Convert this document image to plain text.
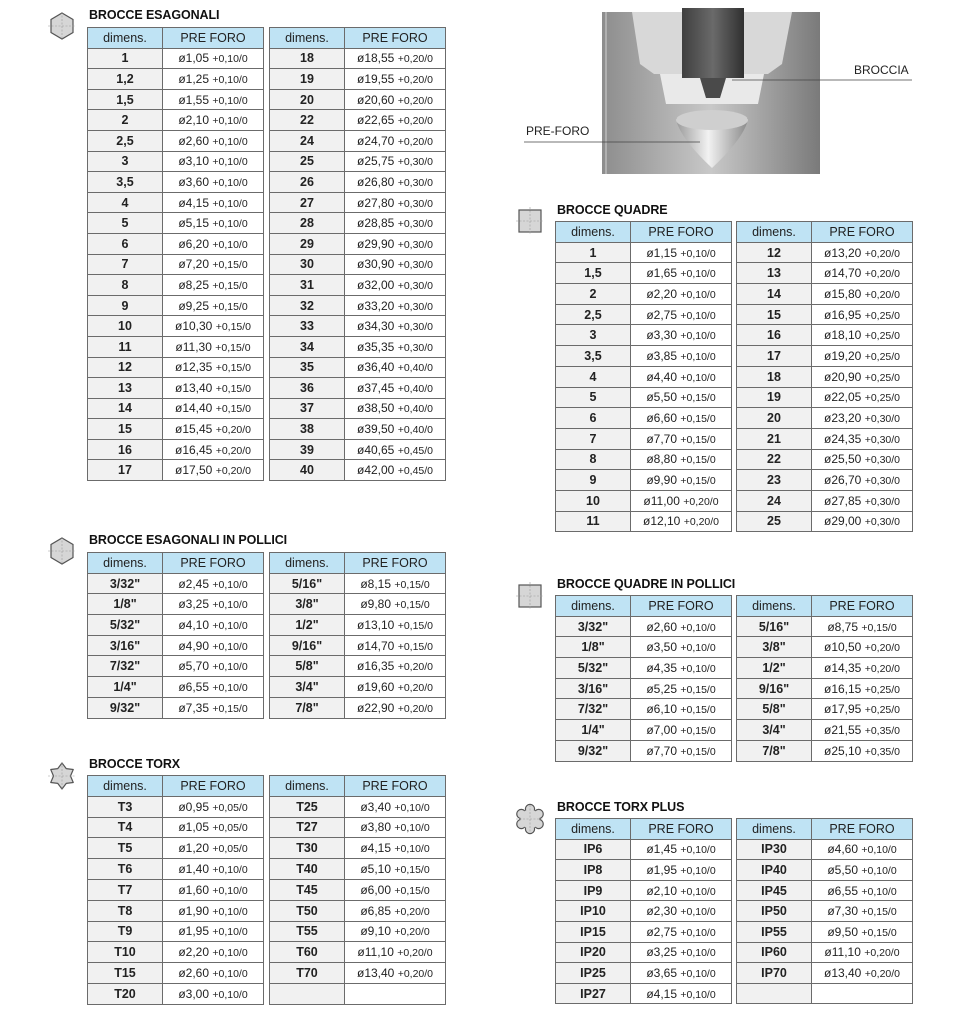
BROCCIA
PRE-FORO
BROCCE ESAGONALI
dimens.	PRE FORO
1	ø1,05 +0,10/0
1,2	ø1,25 +0,10/0
1,5	ø1,55 +0,10/0
2	ø2,10 +0,10/0
2,5	ø2,60 +0,10/0
3	ø3,10 +0,10/0
3,5	ø3,60 +0,10/0
4	ø4,15 +0,10/0
5	ø5,15 +0,10/0
6	ø6,20 +0,10/0
7	ø7,20 +0,15/0
8	ø8,25 +0,15/0
9	ø9,25 +0,15/0
10	ø10,30 +0,15/0
11	ø11,30 +0,15/0
12	ø12,35 +0,15/0
13	ø13,40 +0,15/0
14	ø14,40 +0,15/0
15	ø15,45 +0,20/0
16	ø16,45 +0,20/0
17	ø17,50 +0,20/0
dimens.	PRE FORO
18	ø18,55 +0,20/0
19	ø19,55 +0,20/0
20	ø20,60 +0,20/0
22	ø22,65 +0,20/0
24	ø24,70 +0,20/0
25	ø25,75 +0,30/0
26	ø26,80 +0,30/0
27	ø27,80 +0,30/0
28	ø28,85 +0,30/0
29	ø29,90 +0,30/0
30	ø30,90 +0,30/0
31	ø32,00 +0,30/0
32	ø33,20 +0,30/0
33	ø34,30 +0,30/0
34	ø35,35 +0,30/0
35	ø36,40 +0,40/0
36	ø37,45 +0,40/0
37	ø38,50 +0,40/0
38	ø39,50 +0,40/0
39	ø40,65 +0,45/0
40	ø42,00 +0,45/0
BROCCE ESAGONALI IN POLLICI
dimens.	PRE FORO
3/32"	ø2,45 +0,10/0
1/8"	ø3,25 +0,10/0
5/32"	ø4,10 +0,10/0
3/16"	ø4,90 +0,10/0
7/32"	ø5,70 +0,10/0
1/4"	ø6,55 +0,10/0
9/32"	ø7,35 +0,15/0
dimens.	PRE FORO
5/16"	ø8,15 +0,15/0
3/8"	ø9,80 +0,15/0
1/2"	ø13,10 +0,15/0
9/16"	ø14,70 +0,15/0
5/8"	ø16,35 +0,20/0
3/4"	ø19,60 +0,20/0
7/8"	ø22,90 +0,20/0
BROCCE TORX
dimens.	PRE FORO
T3	ø0,95 +0,05/0
T4	ø1,05 +0,05/0
T5	ø1,20 +0,05/0
T6	ø1,40 +0,10/0
T7	ø1,60 +0,10/0
T8	ø1,90 +0,10/0
T9	ø1,95 +0,10/0
T10	ø2,20 +0,10/0
T15	ø2,60 +0,10/0
T20	ø3,00 +0,10/0
dimens.	PRE FORO
T25	ø3,40 +0,10/0
T27	ø3,80 +0,10/0
T30	ø4,15 +0,10/0
T40	ø5,10 +0,15/0
T45	ø6,00 +0,15/0
T50	ø6,85 +0,20/0
T55	ø9,10 +0,20/0
T60	ø11,10 +0,20/0
T70	ø13,40 +0,20/0

BROCCE QUADRE
dimens.	PRE FORO
1	ø1,15 +0,10/0
1,5	ø1,65 +0,10/0
2	ø2,20 +0,10/0
2,5	ø2,75 +0,10/0
3	ø3,30 +0,10/0
3,5	ø3,85 +0,10/0
4	ø4,40 +0,10/0
5	ø5,50 +0,15/0
6	ø6,60 +0,15/0
7	ø7,70 +0,15/0
8	ø8,80 +0,15/0
9	ø9,90 +0,15/0
10	ø11,00 +0,20/0
11	ø12,10 +0,20/0
dimens.	PRE FORO
12	ø13,20 +0,20/0
13	ø14,70 +0,20/0
14	ø15,80 +0,20/0
15	ø16,95 +0,25/0
16	ø18,10 +0,25/0
17	ø19,20 +0,25/0
18	ø20,90 +0,25/0
19	ø22,05 +0,25/0
20	ø23,20 +0,30/0
21	ø24,35 +0,30/0
22	ø25,50 +0,30/0
23	ø26,70 +0,30/0
24	ø27,85 +0,30/0
25	ø29,00 +0,30/0
BROCCE QUADRE IN POLLICI
dimens.	PRE FORO
3/32"	ø2,60 +0,10/0
1/8"	ø3,50 +0,10/0
5/32"	ø4,35 +0,10/0
3/16"	ø5,25 +0,15/0
7/32"	ø6,10 +0,15/0
1/4"	ø7,00 +0,15/0
9/32"	ø7,70 +0,15/0
dimens.	PRE FORO
5/16"	ø8,75 +0,15/0
3/8"	ø10,50 +0,20/0
1/2"	ø14,35 +0,20/0
9/16"	ø16,15 +0,25/0
5/8"	ø17,95 +0,25/0
3/4"	ø21,55 +0,35/0
7/8"	ø25,10 +0,35/0
BROCCE TORX PLUS
dimens.	PRE FORO
IP6	ø1,45 +0,10/0
IP8	ø1,95 +0,10/0
IP9	ø2,10 +0,10/0
IP10	ø2,30 +0,10/0
IP15	ø2,75 +0,10/0
IP20	ø3,25 +0,10/0
IP25	ø3,65 +0,10/0
IP27	ø4,15 +0,10/0
dimens.	PRE FORO
IP30	ø4,60 +0,10/0
IP40	ø5,50 +0,10/0
IP45	ø6,55 +0,10/0
IP50	ø7,30 +0,15/0
IP55	ø9,50 +0,15/0
IP60	ø11,10 +0,20/0
IP70	ø13,40 +0,20/0
